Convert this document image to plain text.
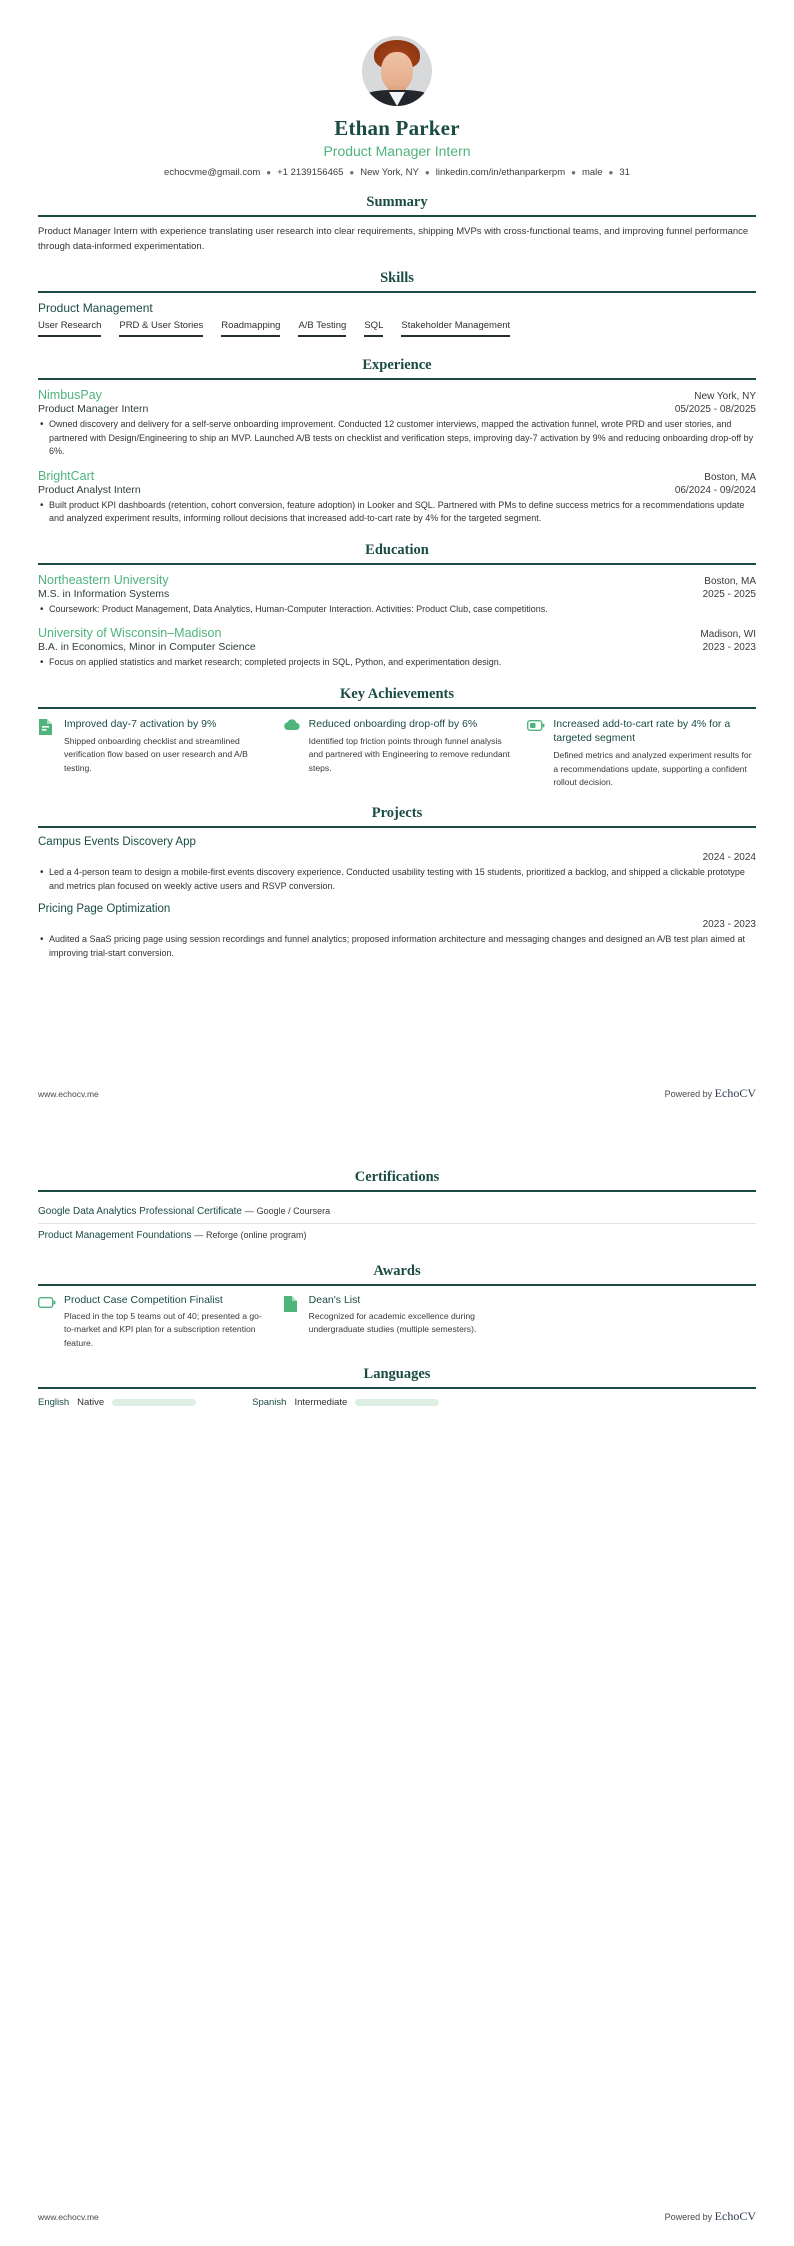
Ethan Parker
Product Manager Intern
echocvme@gmail.com ● +1 2139156465 ● New York, NY ● linkedin.com/in/ethanparkerpm ● male ● 31
Summary
Product Manager Intern with experience translating user research into clear requirements, shipping MVPs with cross-functional teams, and improving funnel performance through data-informed experimentation.
Skills
Product Management
User Research PRD & User Stories Roadmapping A/B Testing SQL Stakeholder Management
Experience
NimbusPay	New York, NY
Product Manager Intern	05/2025 - 08/2025
• Owned discovery and delivery for a self-serve onboarding improvement. Conducted 12 customer interviews, mapped the activation funnel, wrote PRD and user stories, and partnered with Design/Engineering to ship an MVP. Launched A/B tests on checklist and verification steps, improving day-7 activation by 9% and reducing onboarding drop-off by 6%.
BrightCart	Boston, MA
Product Analyst Intern	06/2024 - 09/2024
• Built product KPI dashboards (retention, cohort conversion, feature adoption) in Looker and SQL. Partnered with PMs to define success metrics for a recommendations update and analyzed experiment results, informing rollout decisions that increased add-to-cart rate by 4% for the targeted segment.
Education
Northeastern University	Boston, MA
M.S. in Information Systems	2025 - 2025
• Coursework: Product Management, Data Analytics, Human-Computer Interaction. Activities: Product Club, case competitions.
University of Wisconsin–Madison	Madison, WI
B.A. in Economics, Minor in Computer Science	2023 - 2023
• Focus on applied statistics and market research; completed projects in SQL, Python, and experimentation design.
Key Achievements
Improved day-7 activation by 9%
Shipped onboarding checklist and streamlined verification flow based on user research and A/B testing.
Reduced onboarding drop-off by 6%
Identified top friction points through funnel analysis and partnered with Engineering to remove redundant steps.
Increased add-to-cart rate by 4% for a targeted segment
Defined metrics and analyzed experiment results for a recommendations update, supporting a confident rollout decision.
Projects
Campus Events Discovery App
2024 - 2024
• Led a 4-person team to design a mobile-first events discovery experience. Conducted usability testing with 15 students, prioritized a backlog, and shipped a clickable prototype and metrics plan focused on weekly active users and RSVP conversion.
Pricing Page Optimization
2023 - 2023
• Audited a SaaS pricing page using session recordings and funnel analytics; proposed information architecture and messaging changes and designed an A/B test plan aimed at improving trial-start conversion.
www.echocv.me	Powered by EchoCV
Certifications
Google Data Analytics Professional Certificate — Google / Coursera
Product Management Foundations — Reforge (online program)
Awards
Product Case Competition Finalist
Placed in the top 5 teams out of 40; presented a go-to-market and KPI plan for a subscription retention feature.
Dean's List
Recognized for academic excellence during undergraduate studies (multiple semesters).
Languages
English Native	Spanish Intermediate
www.echocv.me	Powered by EchoCV
